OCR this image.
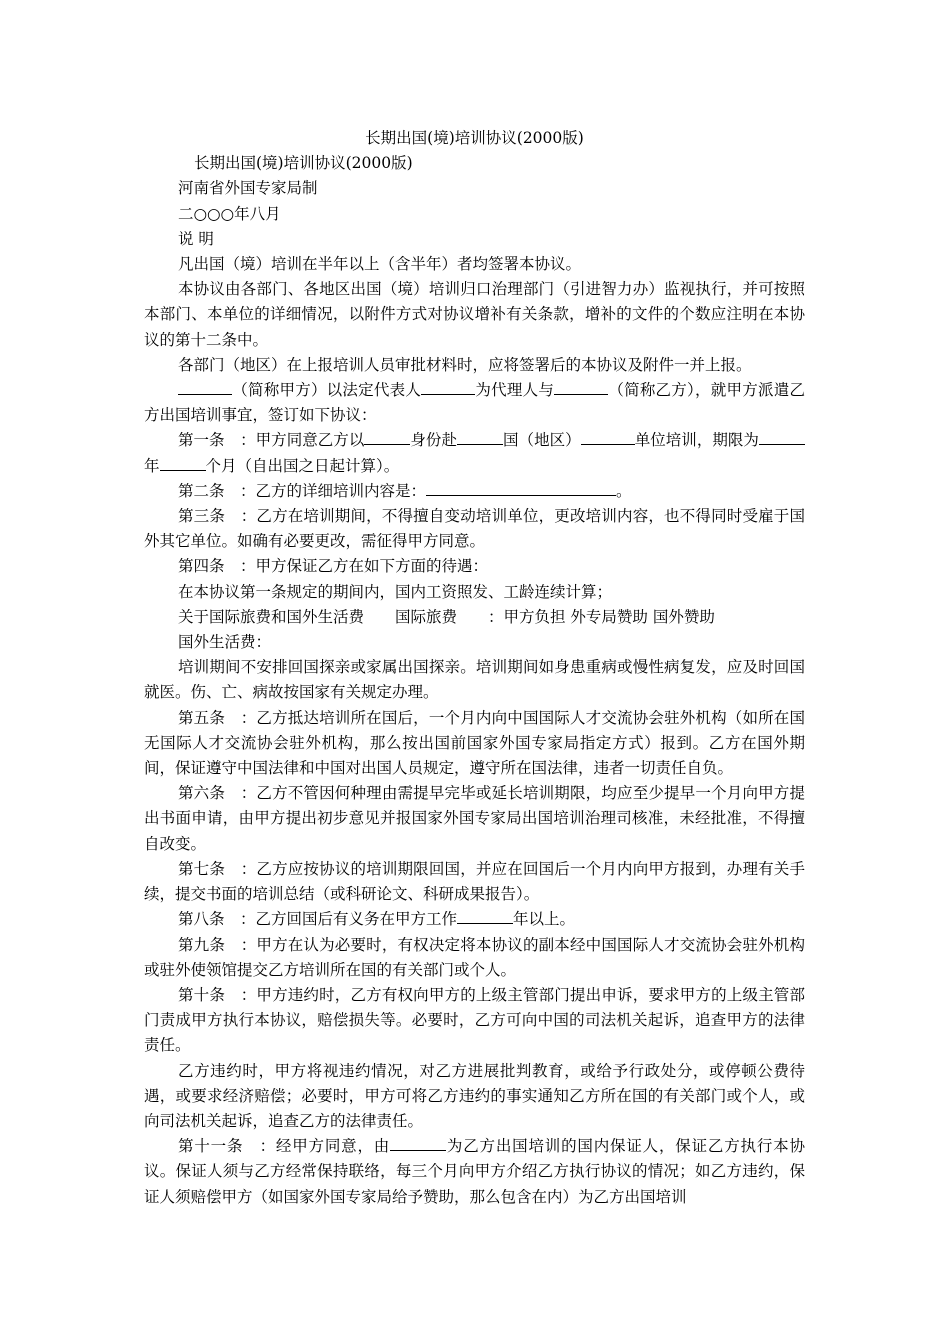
长期出国(境)培训协议(2000版)

长期出国(境)培训协议(2000版)

河南省外国专家局制

二○○○年八月

说 明

凡出国（境）培训在半年以上（含半年）者均签署本协议。

本协议由各部门、各地区出国（境）培训归口治理部门（引进智力办）监视执行，并可按照本部门、本单位的详细情况，以附件方式对协议增补有关条款，增补的文件的个数应注明在本协议的第十二条中。

各部门（地区）在上报培训人员审批材料时，应将签署后的本协议及附件一并上报。

（简称甲方）以法定代表人	为代理人与	（简称乙方），就甲方派遣乙方出国培训事宜，签订如下协议：

第一条　：甲方同意乙方以	身份赴	国（地区）	单位培训，期限为年	个月（自出国之日起计算）。

第二条　：乙方的详细培训内容是：	。

第三条　：乙方在培训期间，不得擅自变动培训单位，更改培训内容，也不得同时受雇于国外其它单位。如确有必要更改，需征得甲方同意。

第四条　：甲方保证乙方在如下方面的待遇：

在本协议第一条规定的期间内，国内工资照发、工龄连续计算；

关于国际旅费和国外生活费　　国际旅费　　：甲方负担 外专局赞助 国外赞助

国外生活费：

培训期间不安排回国探亲或家属出国探亲。培训期间如身患重病或慢性病复发，应及时回国就医。伤、亡、病故按国家有关规定办理。

第五条　：乙方抵达培训所在国后，一个月内向中国国际人才交流协会驻外机构（如所在国无国际人才交流协会驻外机构，那么按出国前国家外国专家局指定方式）报到。乙方在国外期间，保证遵守中国法律和中国对出国人员规定，遵守所在国法律，违者一切责任自负。

第六条　：乙方不管因何种理由需提早完毕或延长培训期限，均应至少提早一个月向甲方提出书面申请，由甲方提出初步意见并报国家外国专家局出国培训治理司核准，未经批准，不得擅自改变。

第七条　：乙方应按协议的培训期限回国，并应在回国后一个月内向甲方报到，办理有关手续，提交书面的培训总结（或科研论文、科研成果报告）。

第八条　：乙方回国后有义务在甲方工作	年以上。

第九条　：甲方在认为必要时，有权决定将本协议的副本经中国国际人才交流协会驻外机构或驻外使领馆提交乙方培训所在国的有关部门或个人。

第十条　：甲方违约时，乙方有权向甲方的上级主管部门提出申诉，要求甲方的上级主管部门责成甲方执行本协议，赔偿损失等。必要时，乙方可向中国的司法机关起诉，追查甲方的法律责任。

乙方违约时，甲方将视违约情况，对乙方进展批判教育，或给予行政处分，或停顿公费待遇，或要求经济赔偿；必要时，甲方可将乙方违约的事实通知乙方所在国的有关部门或个人，或向司法机关起诉，追查乙方的法律责任。

第十一条　：经甲方同意，由	为乙方出国培训的国内保证人，保证乙方执行本协议。保证人须与乙方经常保持联络，每三个月向甲方介绍乙方执行协议的情况；如乙方违约，保证人须赔偿甲方（如国家外国专家局给予赞助，那么包含在内）为乙方出国培训
